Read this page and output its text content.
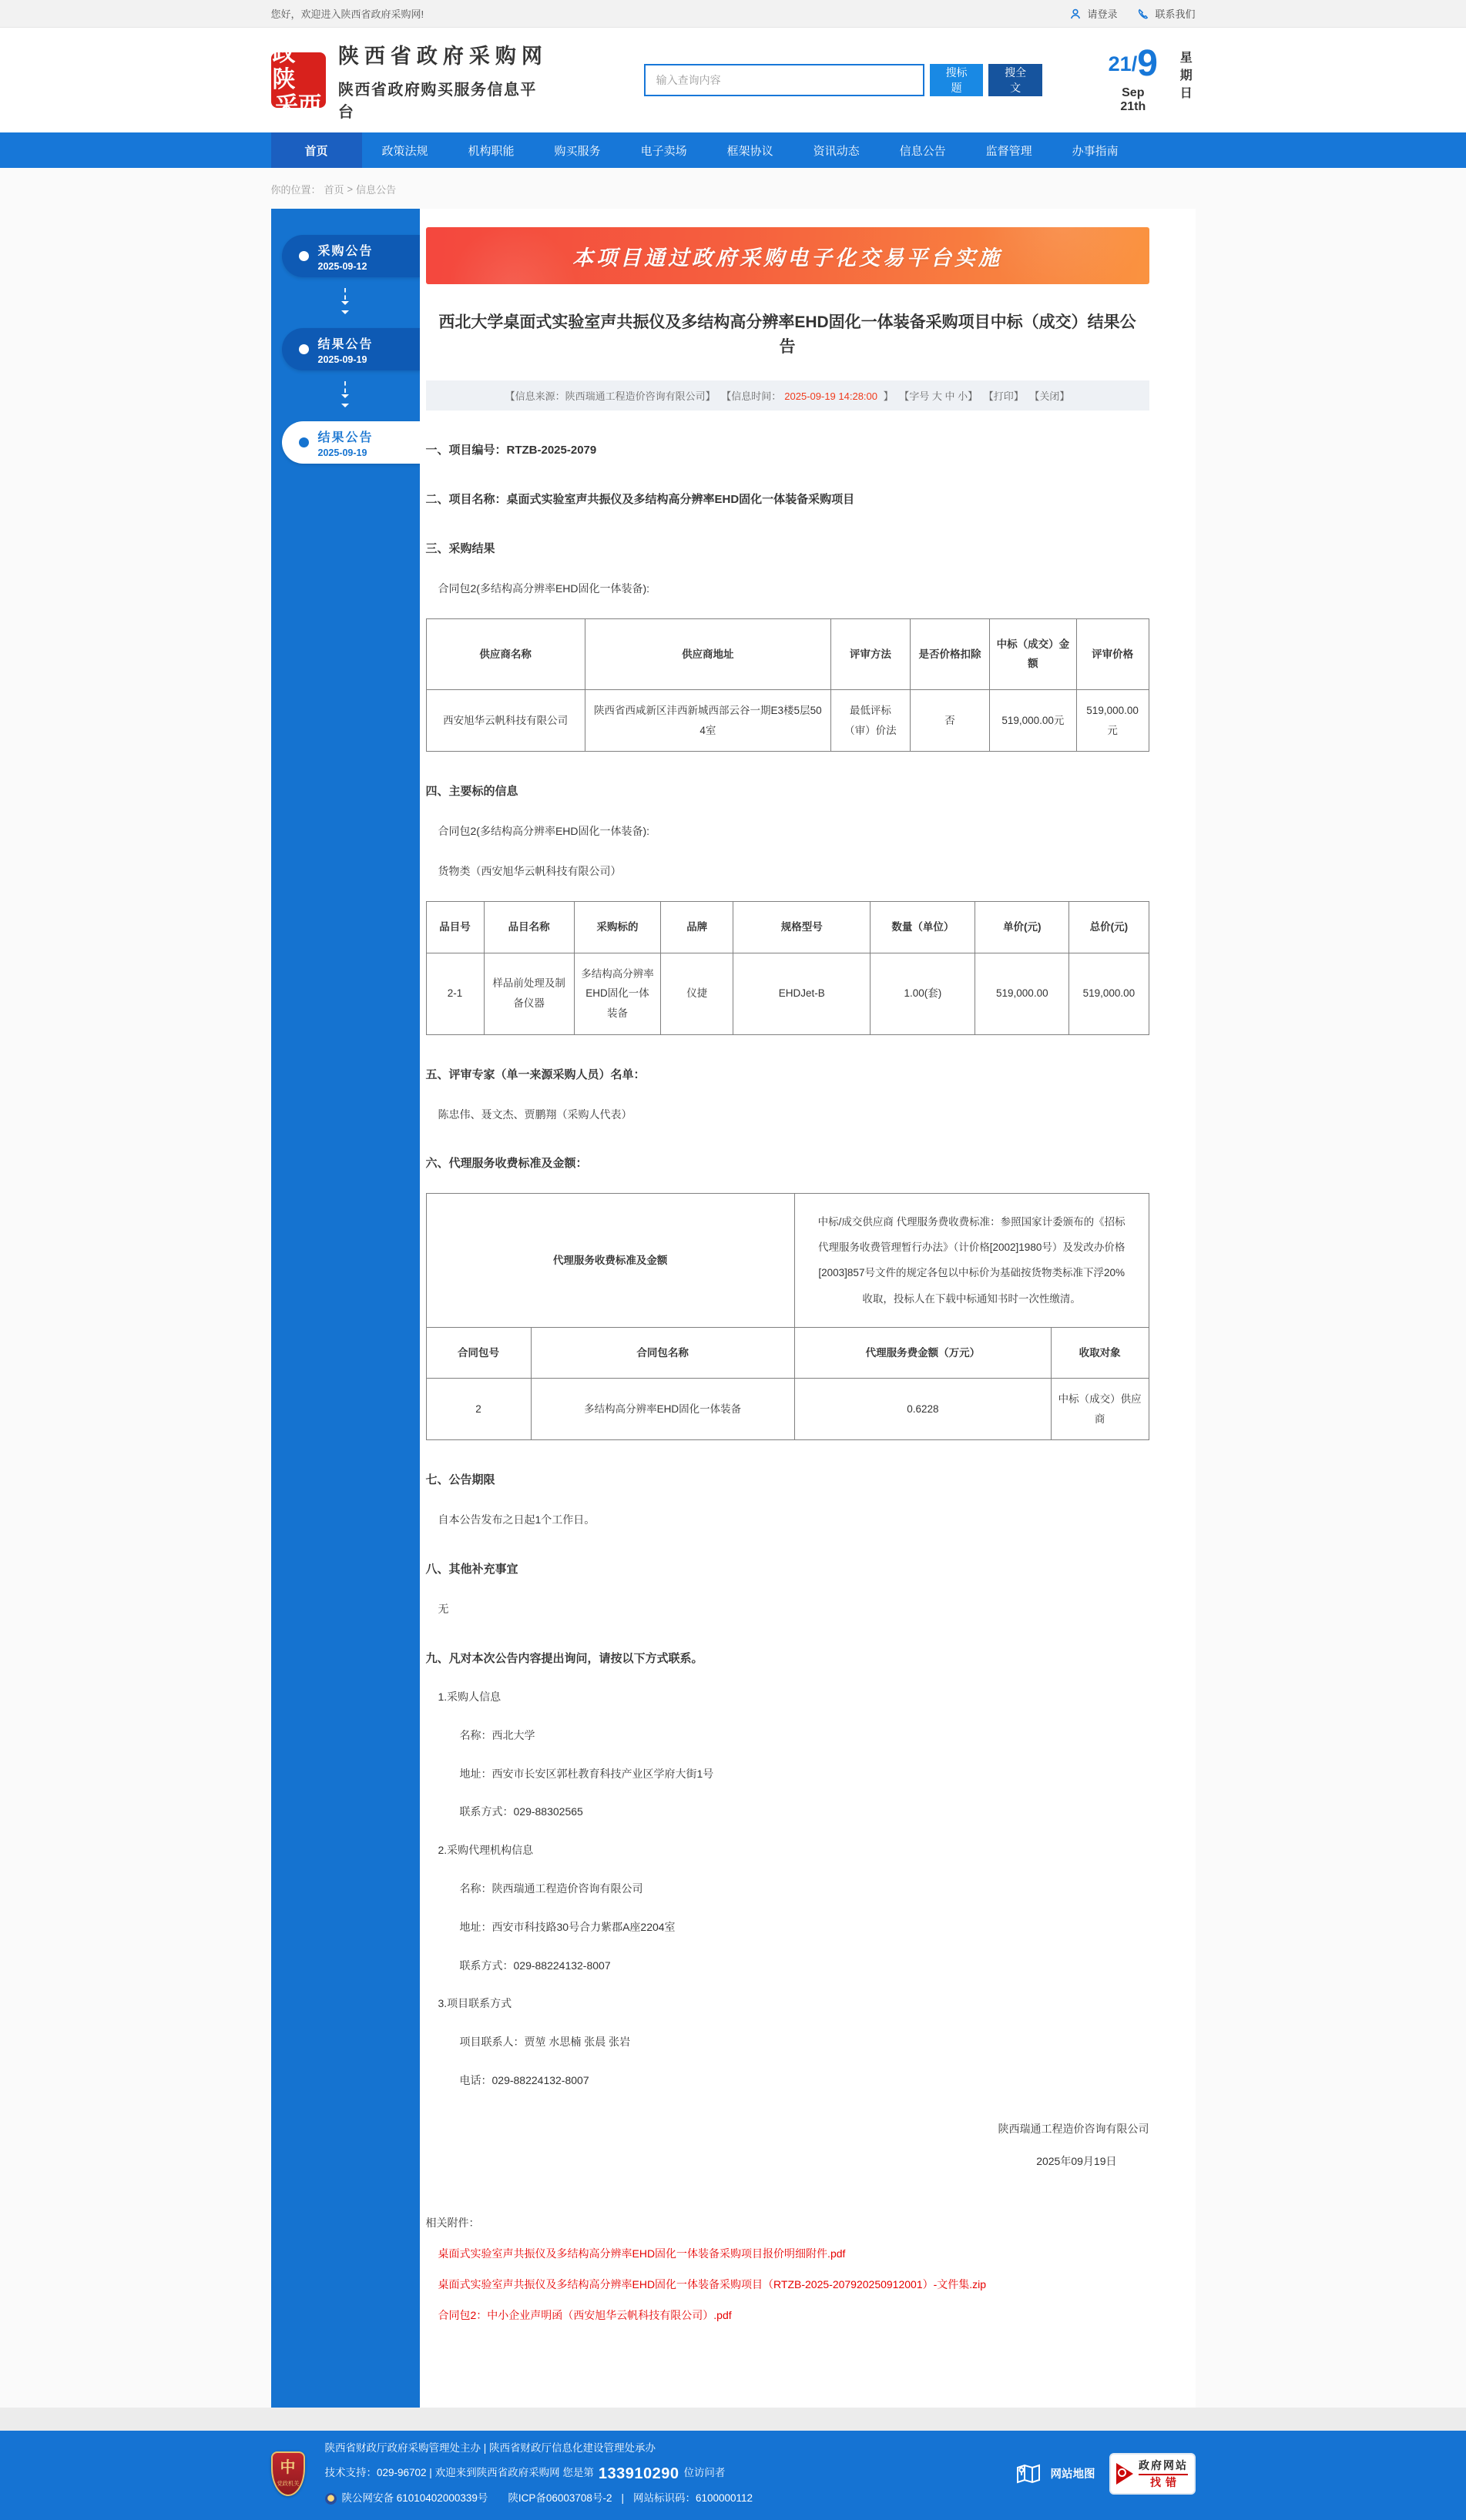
您好，欢迎进入陕西省政府采购网!	请登录	联系我们
政陕
采西
陕西省政府采购网
陕西省政府购买服务信息平台
输入查询内容
搜标题
搜全文
21/9
Sep 21th
星期日
首页	政策法规	机构职能	购买服务	电子卖场	框架协议	资讯动态	信息公告	监督管理	办事指南
你的位置： 首页 > 信息公告
采购公告
2025-09-12
结果公告
2025-09-19
结果公告
2025-09-19
本项目通过政府采购电子化交易平台实施
西北大学桌面式实验室声共振仪及多结构高分辨率EHD固化一体装备采购项目中标（成交）结果公告
【信息来源：陕西瑞通工程造价咨询有限公司】 【信息时间： 2025-09-19 14:28:00 】 【字号 大 中 小】 【打印】 【关闭】
一、项目编号：RTZB-2025-2079
二、项目名称：桌面式实验室声共振仪及多结构高分辨率EHD固化一体装备采购项目
三、采购结果
合同包2(多结构高分辨率EHD固化一体装备):
供应商名称	供应商地址	评审方法	是否价格扣除	中标（成交）金额	评审价格
西安旭华云帆科技有限公司	陕西省西咸新区沣西新城西部云谷一期E3楼5层504室	最低评标（审）价法	否	519,000.00元	519,000.00元
四、主要标的信息
合同包2(多结构高分辨率EHD固化一体装备):
货物类（西安旭华云帆科技有限公司）
品目号	品目名称	采购标的	品牌	规格型号	数量（单位）	单价(元)	总价(元)
2-1	样品前处理及制备仪器	多结构高分辨率EHD固化一体装备	仪捷	EHDJet-B	1.00(套)	519,000.00	519,000.00
五、评审专家（单一来源采购人员）名单：
陈忠伟、聂文杰、贾鹏翔（采购人代表）
六、代理服务收费标准及金额：
代理服务收费标准及金额		中标/成交供应商 代理服务费收费标准：参照国家计委颁布的《招标代理服务收费管理暂行办法》（计价格[2002]1980号）及发改办价格[2003]857号文件的规定各包以中标价为基础按货物类标准下浮20%收取，投标人在下载中标通知书时一次性缴清。	
合同包号	合同包名称	代理服务费金额（万元）	收取对象
2	多结构高分辨率EHD固化一体装备	0.6228	中标（成交）供应商
七、公告期限
自本公告发布之日起1个工作日。
八、其他补充事宜
无
九、凡对本次公告内容提出询问，请按以下方式联系。

1.采购人信息

名称：西北大学

地址：西安市长安区郭杜教育科技产业区学府大街1号

联系方式：029-88302565

2.采购代理机构信息

名称：陕西瑞通工程造价咨询有限公司

地址：西安市科技路30号合力紫郡A座2204室

联系方式：029-88224132-8007

3.项目联系方式

项目联系人：贾堃 水思楠 张晨 张岩

电话：029-88224132-8007

陕西瑞通工程造价咨询有限公司
2025年09月19日
相关附件：
桌面式实验室声共振仪及多结构高分辨率EHD固化一体装备采购项目报价明细附件.pdf
桌面式实验室声共振仪及多结构高分辨率EHD固化一体装备采购项目（RTZB-2025-207920250912001）-文件集.zip
合同包2：中小企业声明函（西安旭华云帆科技有限公司）.pdf
中
党政机关
陕西省财政厅政府采购管理处主办 | 陕西省财政厅信息化建设管理处承办
技术支持：029-96702 | 欢迎来到陕西省政府采购网 您是第 133910290 位访问者
陕公网安备 61010402000339号 陕ICP备06003708号-2 | 网站标识码：6100000112
网站地图
政府网站
找错
